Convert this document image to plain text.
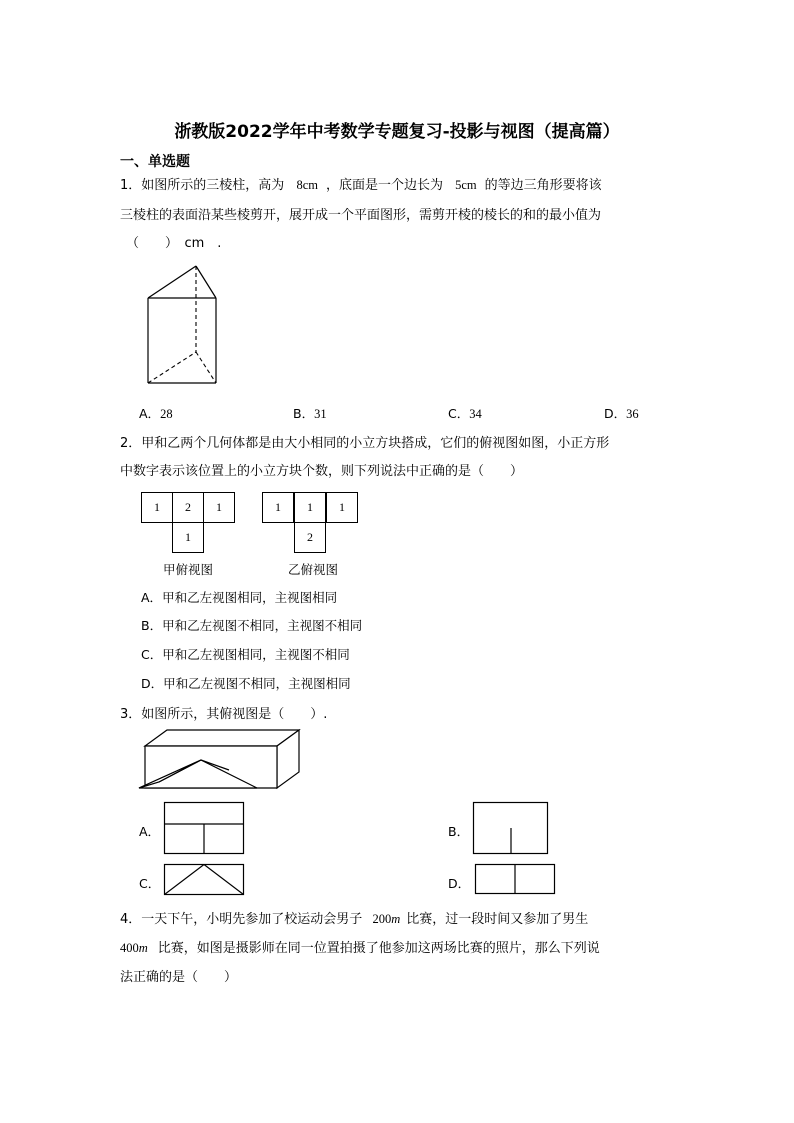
浙教版2022学年中考数学专题复习-投影与视图（提高篇）
一、单选题
1．如图所示的三棱柱，高为 8cm ，底面是一个边长为 5cm 的等边三角形要将该
三棱柱的表面沿某些棱剪开，展开成一个平面图形，需剪开棱的棱长的和的最小值为
（　　）　cm　.
A．28	B．31	C．34	D．36
2．甲和乙两个几何体都是由大小相同的小立方块搭成，它们的俯视图如图，小正方形
中数字表示该位置上的小立方块个数，则下列说法中正确的是（　　）
1	2	1
1
甲俯视图
1	1	1
2
乙俯视图
A．甲和乙左视图相同，主视图相同
B．甲和乙左视图不相同，主视图不相同
C．甲和乙左视图相同，主视图不相同
D．甲和乙左视图不相同，主视图相同
3．如图所示，其俯视图是（　　）.
A．	B．
C．	D．
4．一天下午，小明先参加了校运动会男子 200m 比赛，过一段时间又参加了男生
400m 比赛，如图是摄影师在同一位置拍摄了他参加这两场比赛的照片，那么下列说
法正确的是（　　）
